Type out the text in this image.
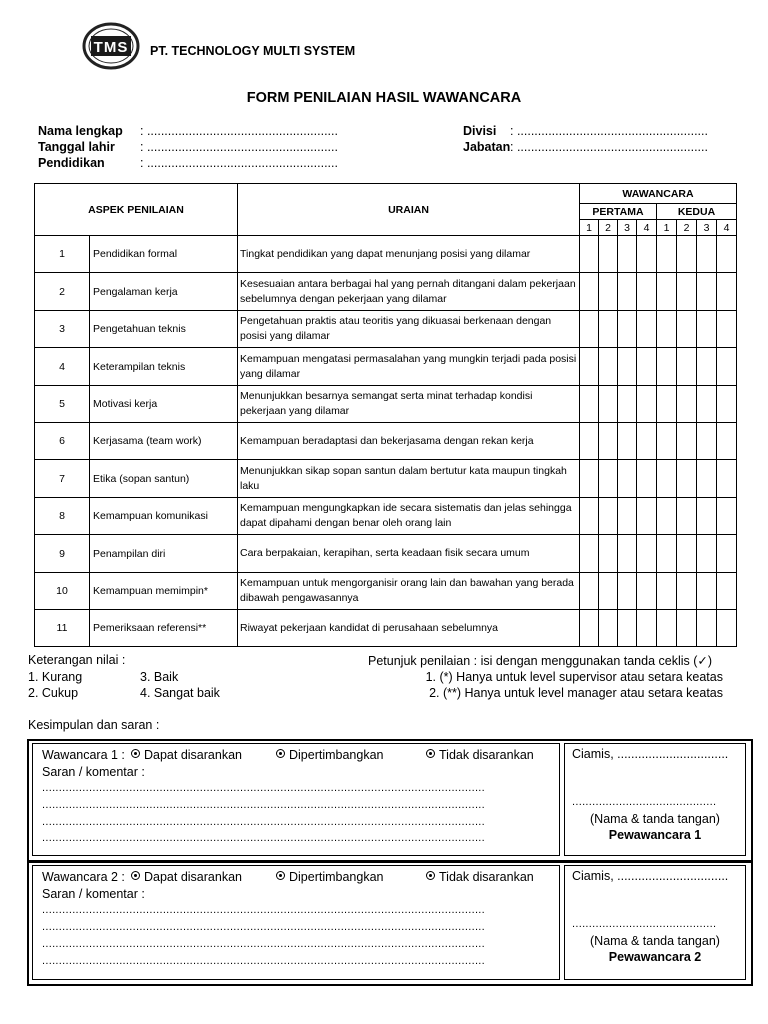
TMS PT. TECHNOLOGY MULTI SYSTEM
FORM PENILAIAN HASIL WAWANCARA
Nama lengkap : .......................................................
Tanggal lahir : .......................................................
Pendidikan	: .......................................................
Divisi : .......................................................
Jabatan : .......................................................
ASPEK PENILAIAN		URAIAN	WAWANCARA							
			PERTAMA				KEDUA			
			1	2	3	4	1	2	3	4
1	Pendidikan formal	Tingkat pendidikan yang dapat menunjang posisi yang dilamar								
2	Pengalaman kerja	Kesesuaian antara berbagai hal yang pernah ditangani dalam pekerjaan sebelumnya dengan pekerjaan yang dilamar								
3	Pengetahuan teknis	Pengetahuan praktis atau teoritis yang dikuasai berkenaan dengan posisi yang dilamar								
4	Keterampilan teknis	Kemampuan mengatasi permasalahan yang mungkin terjadi pada posisi yang dilamar								
5	Motivasi kerja	Menunjukkan besarnya semangat serta minat terhadap kondisi pekerjaan yang dilamar								
6	Kerjasama (team work)	Kemampuan beradaptasi dan bekerjasama dengan rekan kerja								
7	Etika (sopan santun)	Menunjukkan sikap sopan santun dalam bertutur kata maupun tingkah laku								
8	Kemampuan komunikasi	Kemampuan mengungkapkan ide secara sistematis dan jelas sehingga dapat dipahami dengan benar oleh orang lain								
9	Penampilan diri	Cara berpakaian, kerapihan, serta keadaan fisik secara umum								
10	Kemampuan memimpin*	Kemampuan untuk mengorganisir orang lain dan bawahan yang berada dibawah pengawasannya								
11	Pemeriksaan referensi**	Riwayat pekerjaan kandidat di perusahaan sebelumnya								
Keterangan nilai :
1. Kurang	3. Baik
2. Cukup	4. Sangat baik
Petunjuk penilaian : isi dengan menggunakan tanda ceklis (✓)
1. (*) Hanya untuk level supervisor atau setara keatas
2. (**) Hanya untuk level manager atau setara keatas
Kesimpulan dan saran :
Wawancara 1 :	Dapat disarankan	Dipertimbangkan	Tidak disarankan
Saran / komentar :
....................................................................................................................................
....................................................................................................................................
....................................................................................................................................
....................................................................................................................................
Ciamis, ................................
...........................................
(Nama & tanda tangan)
Pewawancara 1
Wawancara 2 :	Dapat disarankan	Dipertimbangkan	Tidak disarankan
Saran / komentar :
....................................................................................................................................
....................................................................................................................................
....................................................................................................................................
....................................................................................................................................
Ciamis, ................................
...........................................
(Nama & tanda tangan)
Pewawancara 2
